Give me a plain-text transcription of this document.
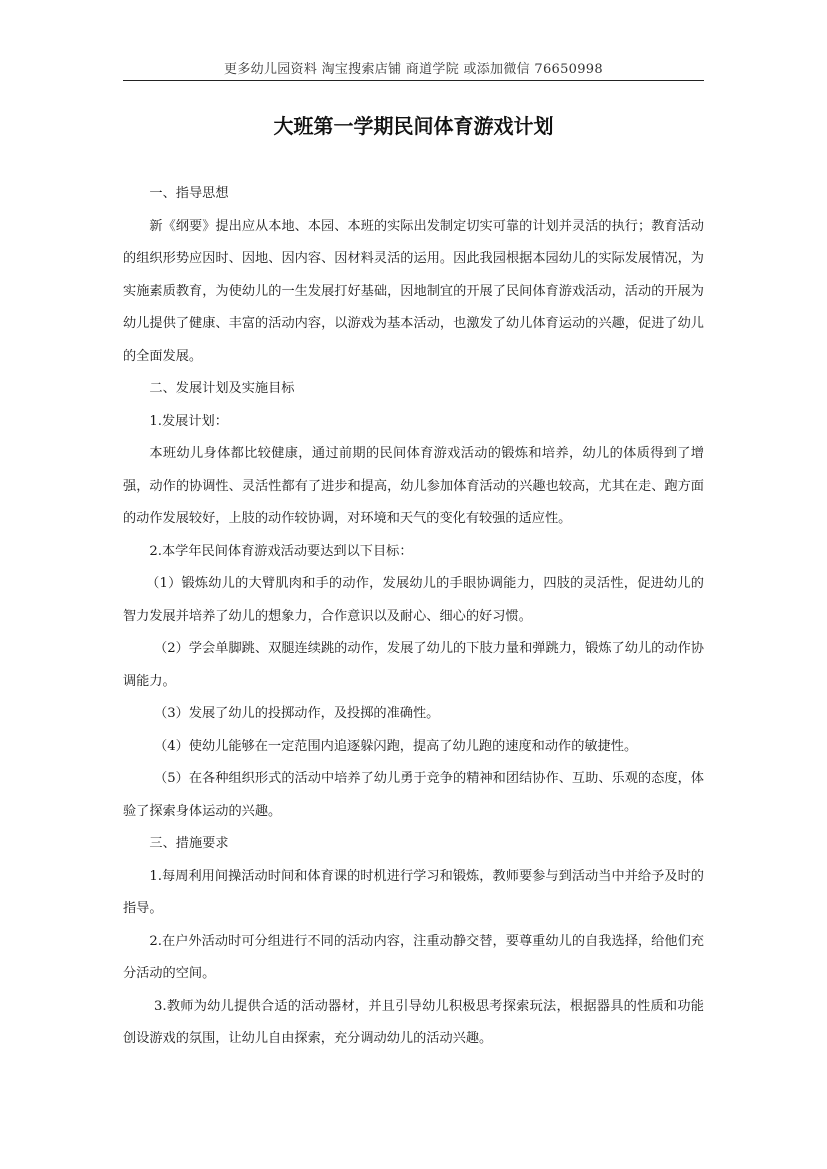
更多幼儿园资料 淘宝搜索店铺 商道学院 或添加微信 76650998
大班第一学期民间体育游戏计划

一、指导思想

新《纲要》提出应从本地、本园、本班的实际出发制定切实可靠的计划并灵活的执行；教育活动的组织形势应因时、因地、因内容、因材料灵活的运用。因此我园根据本园幼儿的实际发展情况，为实施素质教育，为使幼儿的一生发展打好基础，因地制宜的开展了民间体育游戏活动，活动的开展为幼儿提供了健康、丰富的活动内容，以游戏为基本活动，也激发了幼儿体育运动的兴趣，促进了幼儿的全面发展。

二、发展计划及实施目标

1.发展计划：

本班幼儿身体都比较健康，通过前期的民间体育游戏活动的锻炼和培养，幼儿的体质得到了增强，动作的协调性、灵活性都有了进步和提高，幼儿参加体育活动的兴趣也较高，尤其在走、跑方面的动作发展较好，上肢的动作较协调，对环境和天气的变化有较强的适应性。

2.本学年民间体育游戏活动要达到以下目标：

（1）锻炼幼儿的大臂肌肉和手的动作，发展幼儿的手眼协调能力，四肢的灵活性，促进幼儿的智力发展并培养了幼儿的想象力，合作意识以及耐心、细心的好习惯。

（2）学会单脚跳、双腿连续跳的动作，发展了幼儿的下肢力量和弹跳力，锻炼了幼儿的动作协调能力。

（3）发展了幼儿的投掷动作，及投掷的准确性。

（4）使幼儿能够在一定范围内追逐躲闪跑，提高了幼儿跑的速度和动作的敏捷性。

（5）在各种组织形式的活动中培养了幼儿勇于竞争的精神和团结协作、互助、乐观的态度，体验了探索身体运动的兴趣。

三、措施要求

1.每周利用间操活动时间和体育课的时机进行学习和锻炼，教师要参与到活动当中并给予及时的指导。

2.在户外活动时可分组进行不同的活动内容，注重动静交替，要尊重幼儿的自我选择，给他们充分活动的空间。

3.教师为幼儿提供合适的活动器材，并且引导幼儿积极思考探索玩法，根据器具的性质和功能创设游戏的氛围，让幼儿自由探索，充分调动幼儿的活动兴趣。
